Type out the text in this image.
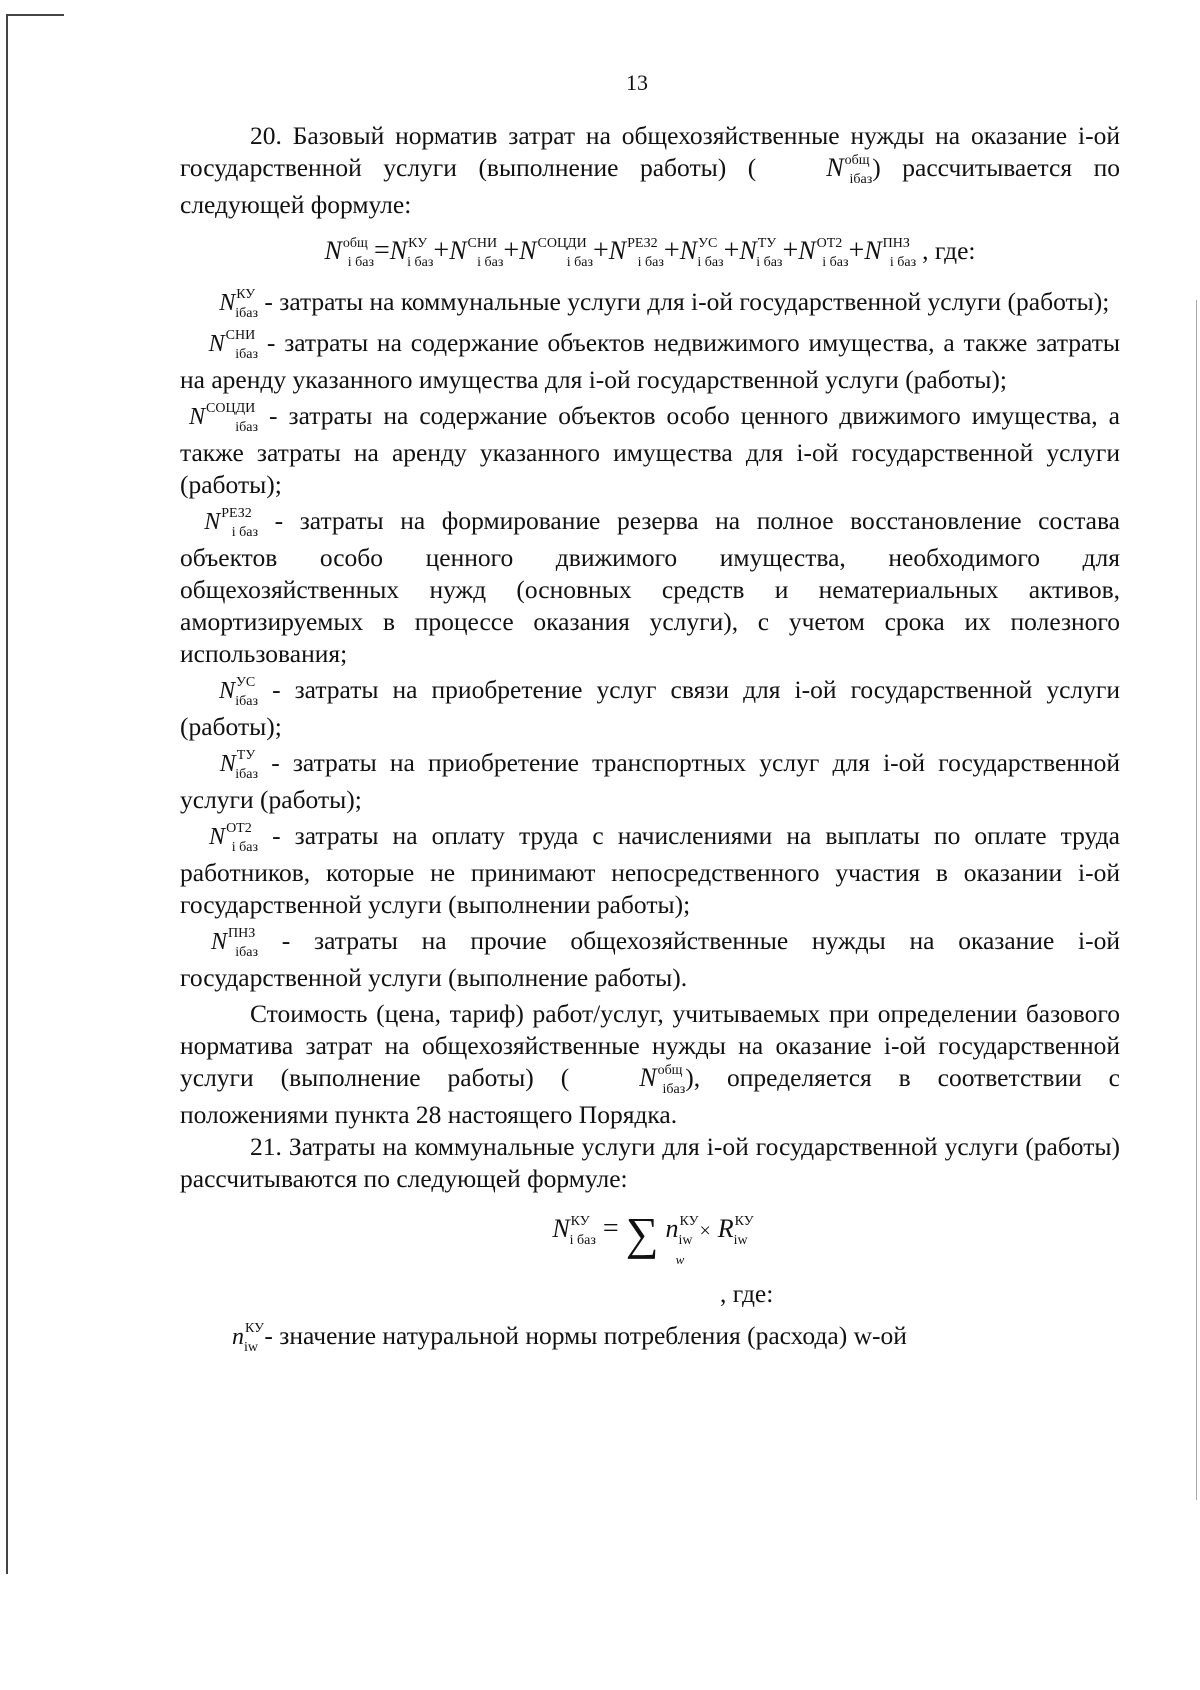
13

20. Базовый норматив затрат на общехозяйственные нужды на оказание i-ой государственной услуги (выполнение работы) (	$N^{общ}_{iбаз}$) рассчитывается по следующей формуле:

$N^{общ}_{i баз}=N^{КУ}_{i баз}+N^{СНИ}_{i баз}+N^{СОЦДИ}_{i баз}+N^{РЕЗ2}_{i баз}+N^{УС}_{i баз}+N^{ТУ}_{i баз}+N^{ОТ2}_{i баз}+N^{ПНЗ}_{i баз}$ , где:

$N^{КУ}_{iбаз}$ - затраты на коммунальные услуги для i-ой государственной услуги (работы);

$N^{СНИ}_{iбаз}$ - затраты на содержание объектов недвижимого имущества, а также затраты на аренду указанного имущества для i-ой государственной услуги (работы);

$N^{СОЦДИ}_{iбаз}$ - затраты на содержание объектов особо ценного движимого имущества, а также затраты на аренду указанного имущества для i-ой государственной услуги (работы);

$N^{РЕЗ2}_{i баз}$ - затраты на формирование резерва на полное восстановление состава объектов особо ценного движимого имущества, необходимого для общехозяйственных нужд (основных средств и нематериальных активов, амортизируемых в процессе оказания услуги), с учетом срока их полезного использования;

$N^{УС}_{iбаз}$ - затраты на приобретение услуг связи для i-ой государственной услуги (работы);

$N^{ТУ}_{iбаз}$ - затраты на приобретение транспортных услуг для i-ой государственной услуги (работы);

$N^{ОТ2}_{i баз}$ - затраты на оплату труда с начислениями на выплаты по оплате труда работников, которые не принимают непосредственного участия в оказании i-ой государственной услуги (выполнении работы);

$N^{ПНЗ}_{iбаз}$ - затраты на прочие общехозяйственные нужды на оказание i-ой государственной услуги (выполнение работы).

Стоимость (цена, тариф) работ/услуг, учитываемых при определении базового норматива затрат на общехозяйственные нужды на оказание i-ой государственной услуги (выполнение работы) (	$N^{общ}_{iбаз}$), определяется в соответствии с положениями пункта 28 настоящего Порядка.

21. Затраты на коммунальные услуги для i-ой государственной услуги (работы) рассчитываются по следующей формуле:

$N^{КУ}_{i баз}$ = ∑ $n^{КУ}_{iw} \times R^{КУ}_{iw}$
w
, где:

$n^{КУ}_{iw}$ - значение натуральной нормы потребления (расхода) w-ой
